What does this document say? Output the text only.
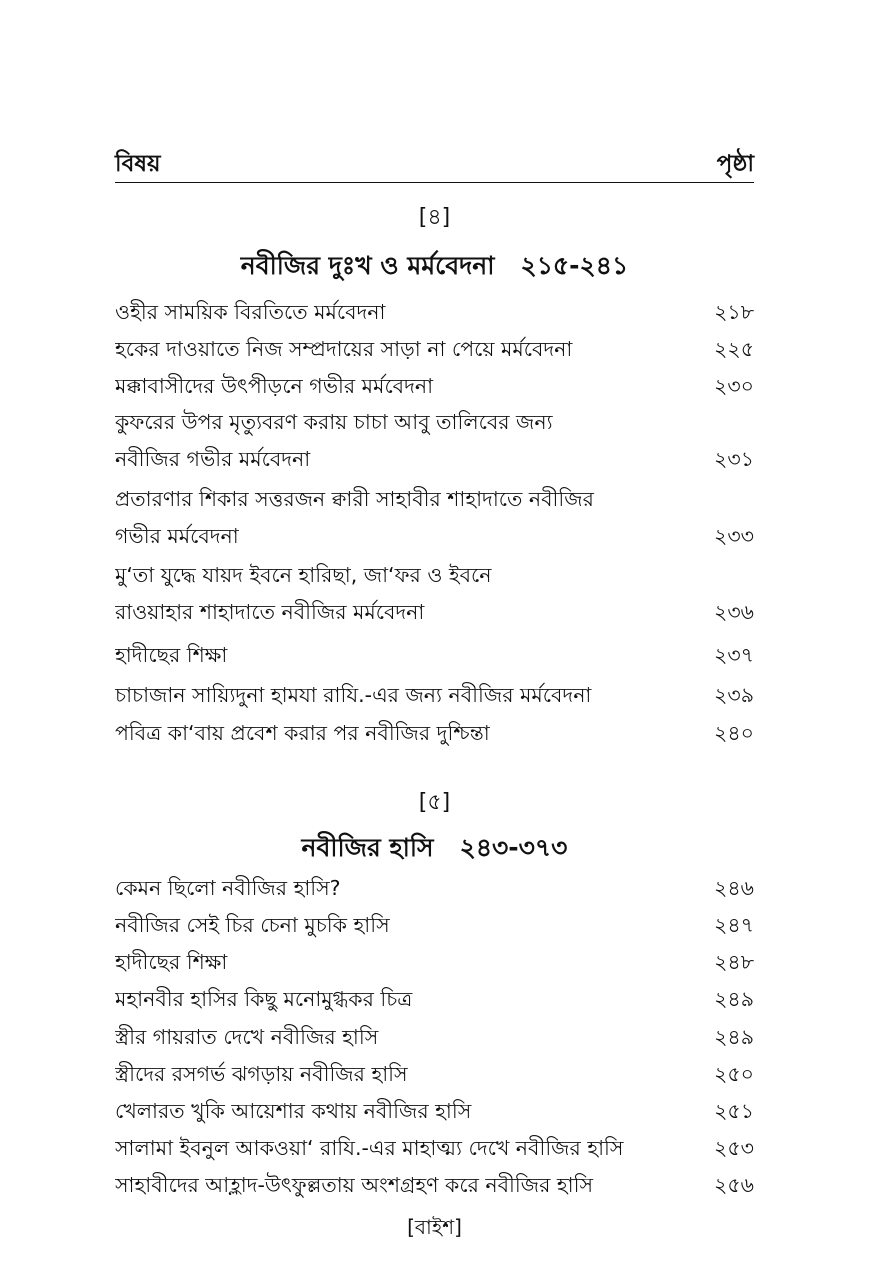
বিষয়	পৃষ্ঠা
[৪]
নবীজির দুঃখ ও মর্মবেদনা ২১৫-২৪১
ওহীর সাময়িক বিরতিতে মর্মবেদনা	২১৮
হকের দাওয়াতে নিজ সম্প্রদায়ের সাড়া না পেয়ে মর্মবেদনা	২২৫
মক্কাবাসীদের উৎপীড়নে গভীর মর্মবেদনা	২৩০
কুফরের উপর মৃত্যুবরণ করায় চাচা আবু তালিবের জন্য
নবীজির গভীর মর্মবেদনা	২৩১
প্রতারণার শিকার সত্তরজন ক্বারী সাহাবীর শাহাদাতে নবীজির
গভীর মর্মবেদনা	২৩৩
মু‘তা যুদ্ধে যায়দ ইবনে হারিছা, জা‘ফর ও ইবনে
রাওয়াহার শাহাদাতে নবীজির মর্মবেদনা	২৩৬
হাদীছের শিক্ষা	২৩৭
চাচাজান সায়্যিদুনা হামযা রাযি.-এর জন্য নবীজির মর্মবেদনা	২৩৯
পবিত্র কা‘বায় প্রবেশ করার পর নবীজির দুশ্চিন্তা	২৪০
[৫]
নবীজির হাসি ২৪৩-৩৭৩
কেমন ছিলো নবীজির হাসি?	২৪৬
নবীজির সেই চির চেনা মুচকি হাসি	২৪৭
হাদীছের শিক্ষা	২৪৮
মহানবীর হাসির কিছু মনোমুগ্ধকর চিত্র	২৪৯
স্ত্রীর গায়রাত দেখে নবীজির হাসি	২৪৯
স্ত্রীদের রসগর্ভ ঝগড়ায় নবীজির হাসি	২৫০
খেলারত খুকি আয়েশার কথায় নবীজির হাসি	২৫১
সালামা ইবনুল আকওয়া‘ রাযি.-এর মাহাত্ম্য দেখে নবীজির হাসি	২৫৩
সাহাবীদের আহ্লাদ-উৎফুল্লতায় অংশগ্রহণ করে নবীজির হাসি	২৫৬
[বাইশ]
